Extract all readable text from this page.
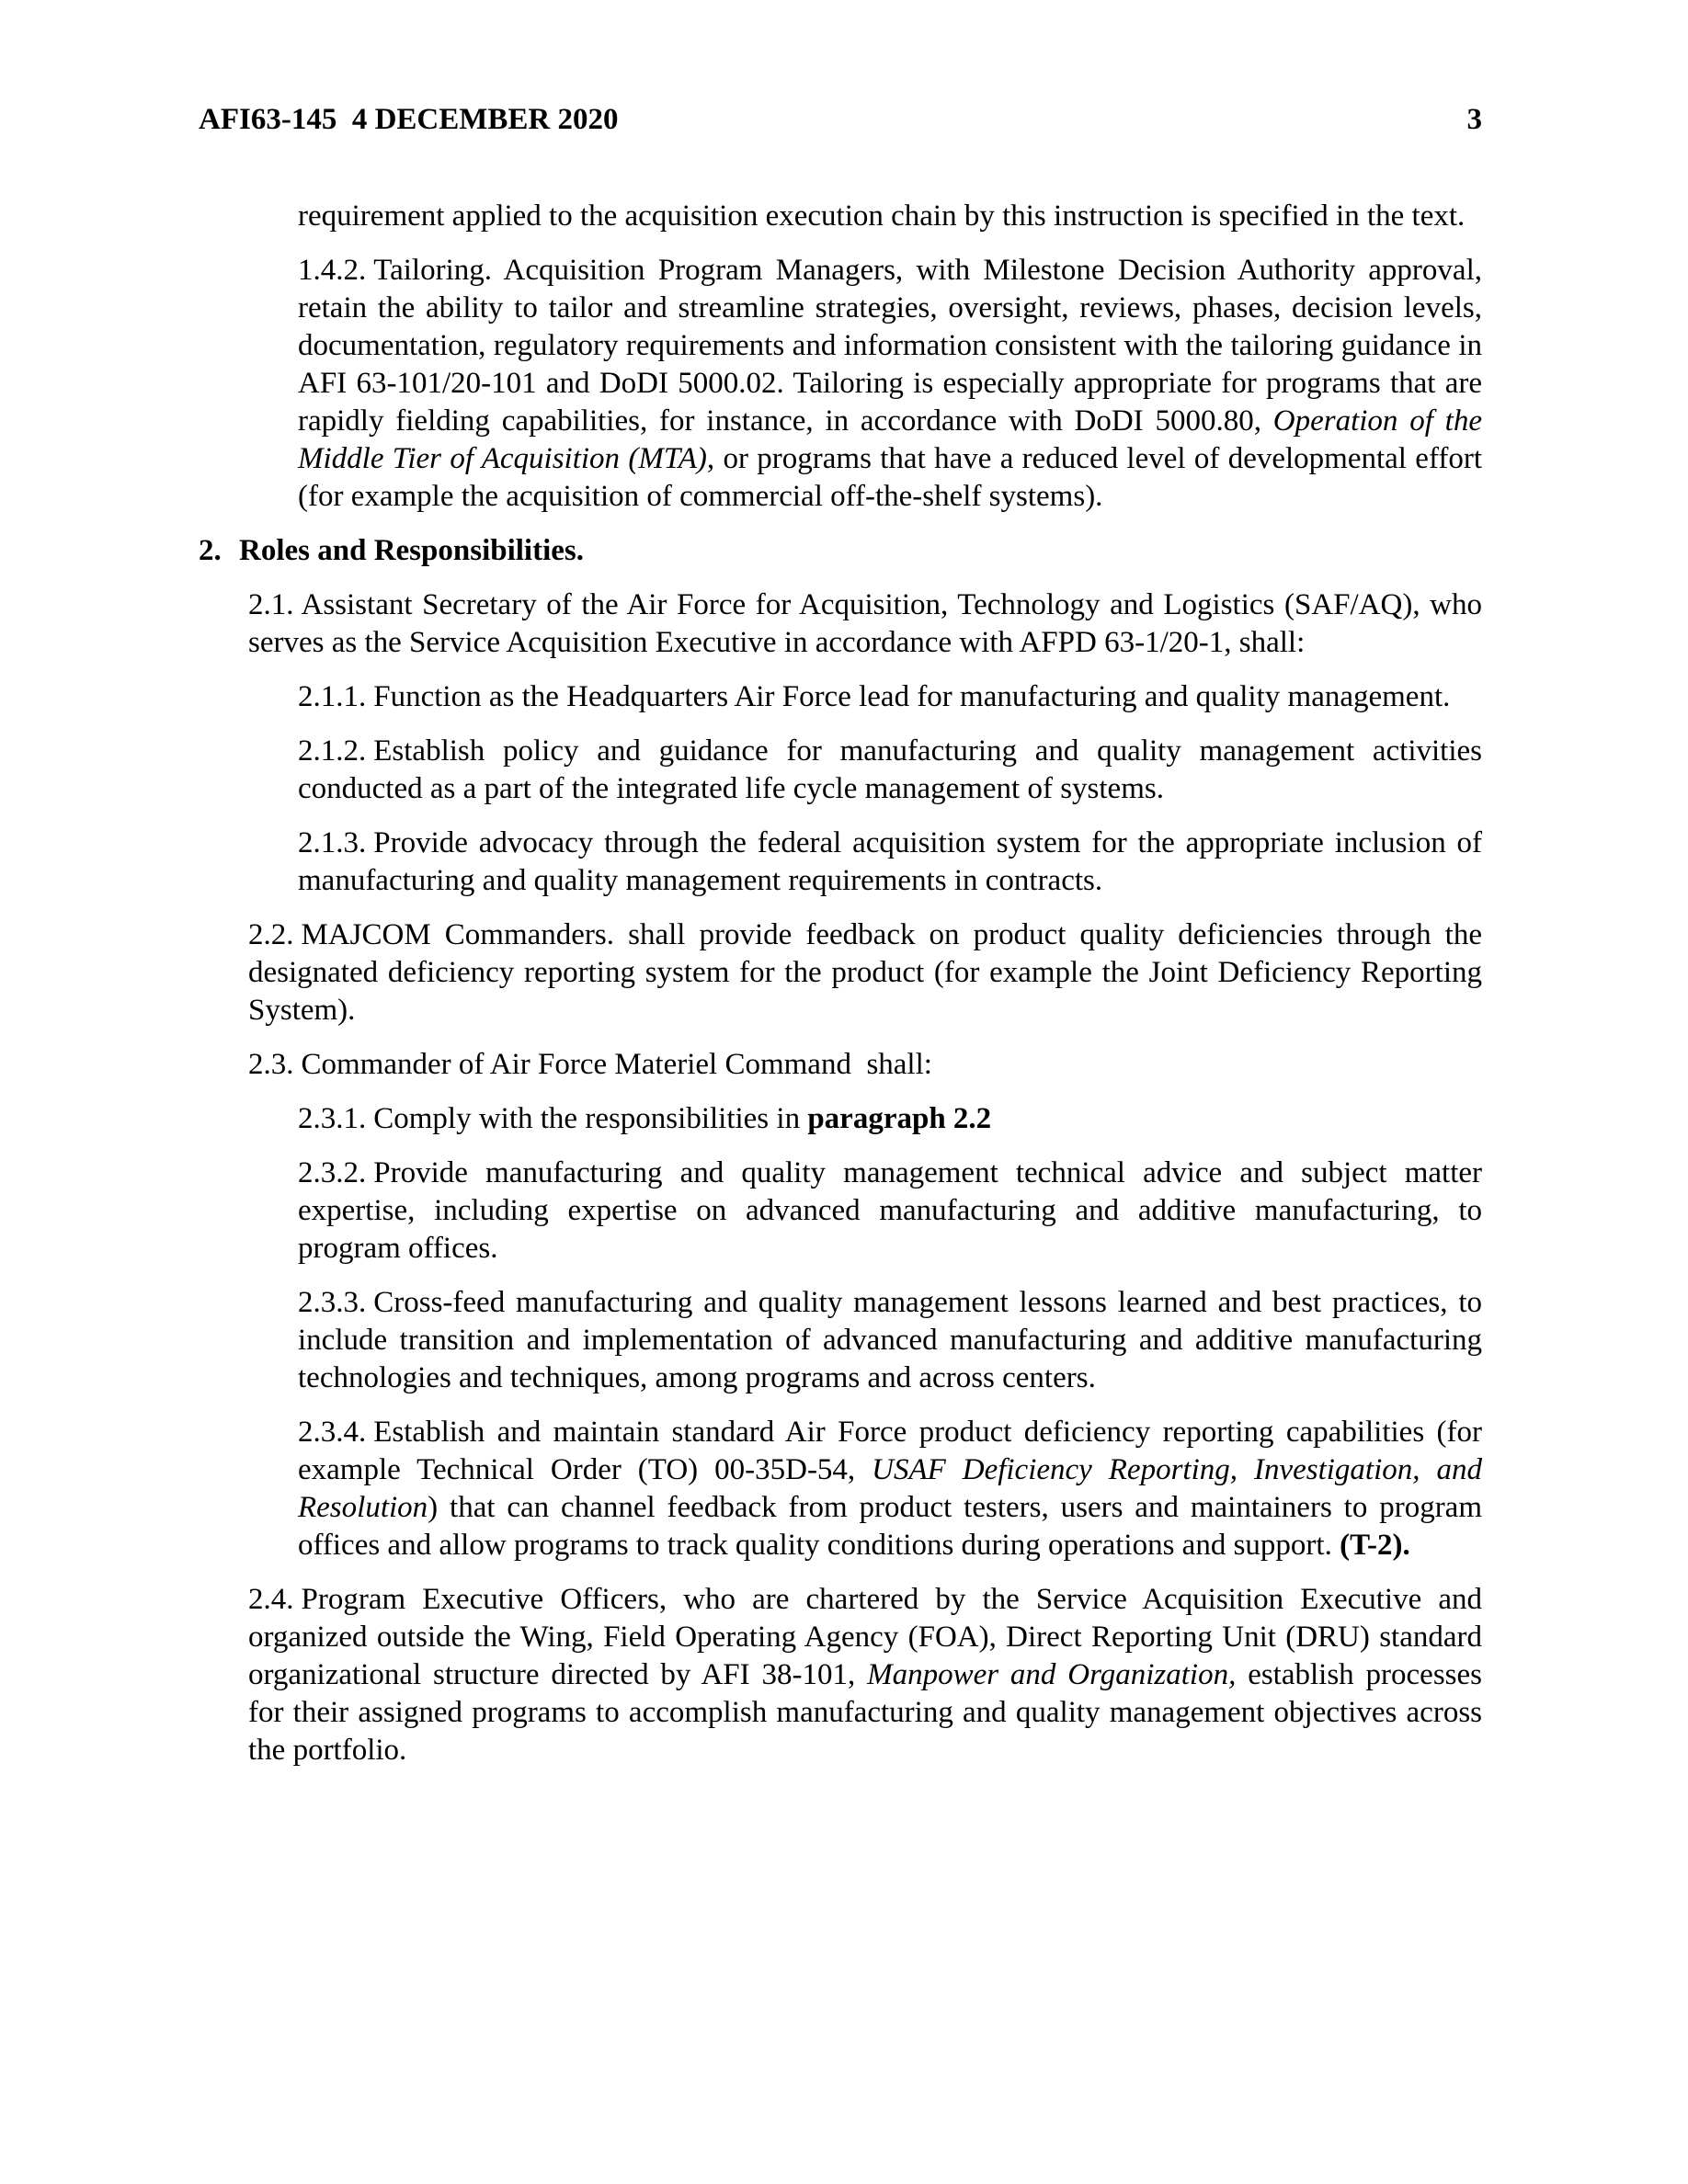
AFI63-145  4 DECEMBER 2020	3

requirement applied to the acquisition execution chain by this instruction is specified in the text.

1.4.2. Tailoring. Acquisition Program Managers, with Milestone Decision Authority approval, retain the ability to tailor and streamline strategies, oversight, reviews, phases, decision levels, documentation, regulatory requirements and information consistent with the tailoring guidance in AFI 63-101/20-101 and DoDI 5000.02. Tailoring is especially appropriate for programs that are rapidly fielding capabilities, for instance, in accordance with DoDI 5000.80, Operation of the Middle Tier of Acquisition (MTA), or programs that have a reduced level of developmental effort (for example the acquisition of commercial off-the-shelf systems).

2. Roles and Responsibilities.

2.1. Assistant Secretary of the Air Force for Acquisition, Technology and Logistics (SAF/AQ), who serves as the Service Acquisition Executive in accordance with AFPD 63-1/20-1, shall:

2.1.1. Function as the Headquarters Air Force lead for manufacturing and quality management.

2.1.2. Establish policy and guidance for manufacturing and quality management activities conducted as a part of the integrated life cycle management of systems.

2.1.3. Provide advocacy through the federal acquisition system for the appropriate inclusion of manufacturing and quality management requirements in contracts.

2.2. MAJCOM Commanders. shall provide feedback on product quality deficiencies through the designated deficiency reporting system for the product (for example the Joint Deficiency Reporting System).

2.3. Commander of Air Force Materiel Command  shall:

2.3.1. Comply with the responsibilities in paragraph 2.2

2.3.2. Provide manufacturing and quality management technical advice and subject matter expertise, including expertise on advanced manufacturing and additive manufacturing, to program offices.

2.3.3. Cross-feed manufacturing and quality management lessons learned and best practices, to include transition and implementation of advanced manufacturing and additive manufacturing technologies and techniques, among programs and across centers.

2.3.4. Establish and maintain standard Air Force product deficiency reporting capabilities (for example Technical Order (TO) 00-35D-54, USAF Deficiency Reporting, Investigation, and Resolution) that can channel feedback from product testers, users and maintainers to program offices and allow programs to track quality conditions during operations and support. (T-2).

2.4. Program Executive Officers, who are chartered by the Service Acquisition Executive and organized outside the Wing, Field Operating Agency (FOA), Direct Reporting Unit (DRU) standard organizational structure directed by AFI 38-101, Manpower and Organization, establish processes for their assigned programs to accomplish manufacturing and quality management objectives across the portfolio.
